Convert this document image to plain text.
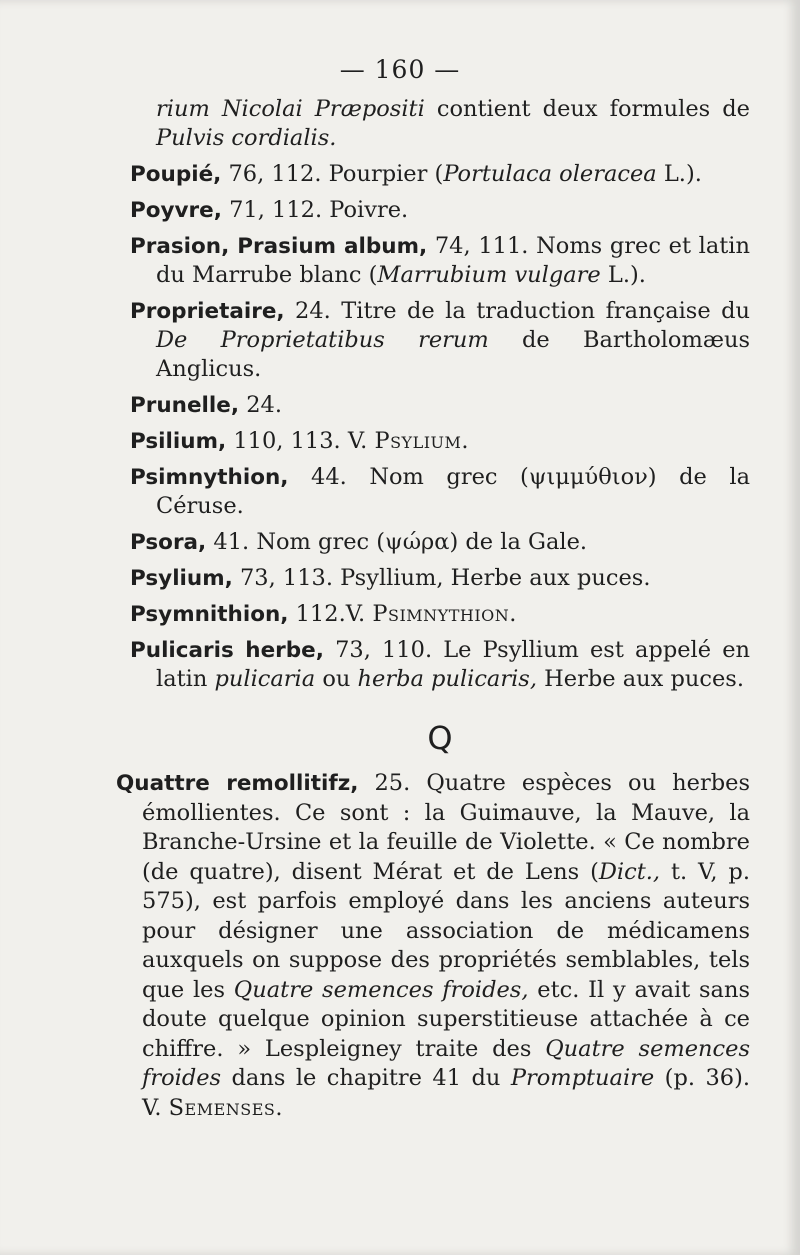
— 160 —

rium Nicolai Præpositi contient deux formules de Pulvis cordialis.

Poupié, 76, 112. Pourpier (Portulaca oleracea L.).

Poyvre, 71, 112. Poivre.

Prasion, Prasium album, 74, 111. Noms grec et latin du Marrube blanc (Marrubium vulgare L.).

Proprietaire, 24. Titre de la traduction française du De Proprietatibus rerum de Bartholomæus Anglicus.

Prunelle, 24.

Psilium, 110, 113. V. Psylium.

Psimnythion, 44. Nom grec (ψιμμύθιον) de la Céruse.

Psora, 41. Nom grec (ψώρα) de la Gale.

Psylium, 73, 113. Psyllium, Herbe aux puces.

Psymnithion, 112.V. Psimnythion.

Pulicaris herbe, 73, 110. Le Psyllium est appelé en latin pulicaria ou herba pulicaris, Herbe aux puces.

Q

Quattre remollitifz, 25. Quatre espèces ou herbes émollientes. Ce sont : la Guimauve, la Mauve, la Branche-Ursine et la feuille de Violette. « Ce nombre (de quatre), disent Mérat et de Lens (Dict., t. V, p. 575), est parfois employé dans les anciens auteurs pour désigner une association de médicamens auxquels on suppose des propriétés semblables, tels que les Quatre semences froides, etc. Il y avait sans doute quelque opinion superstitieuse attachée à ce chiffre. » Lespleigney traite des Quatre semences froides dans le chapitre 41 du Promptuaire (p. 36). V. Semenses.
